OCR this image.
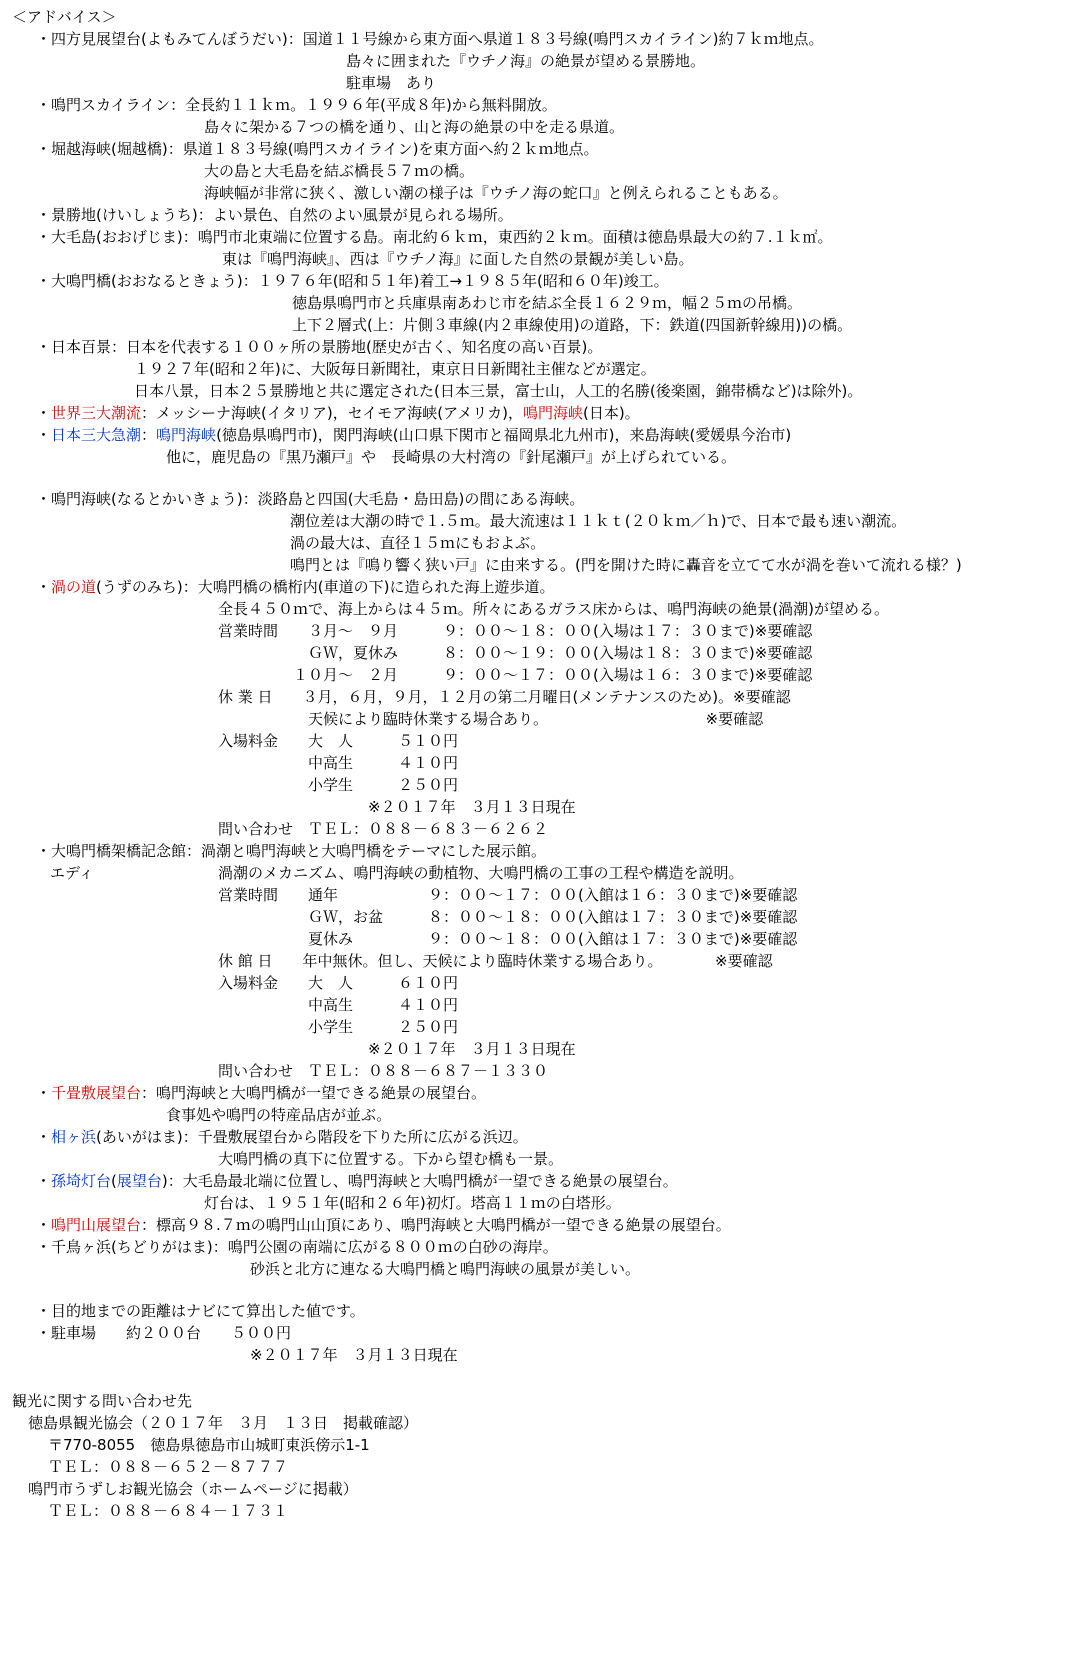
＜アドバイス＞
・四方見展望台(よもみてんぼうだい)：国道１１号線から東方面へ県道１８３号線(鳴門スカイライン)約７ｋｍ地点。
島々に囲まれた『ウチノ海』の絶景が望める景勝地。
駐車場　あり
・鳴門スカイライン：全長約１１ｋｍ。１９９６年(平成８年)から無料開放。
島々に架かる７つの橋を通り、山と海の絶景の中を走る県道。
・堀越海峡(堀越橋)：県道１８３号線(鳴門スカイライン)を東方面へ約２ｋｍ地点。
大の島と大毛島を結ぶ橋長５７ｍの橋。
海峡幅が非常に狭く、激しい潮の様子は『ウチノ海の蛇口』と例えられることもある。
・景勝地(けいしょうち)：よい景色、自然のよい風景が見られる場所。
・大毛島(おおげじま)：鳴門市北東端に位置する島。南北約６ｋｍ，東西約２ｋｍ。面積は徳島県最大の約７.１ｋ㎡。
東は『鳴門海峡』、西は『ウチノ海』に面した自然の景観が美しい島。
・大鳴門橋(おおなるときょう)：１９７６年(昭和５１年)着工→１９８５年(昭和６０年)竣工。
徳島県鳴門市と兵庫県南あわじ市を結ぶ全長１６２９ｍ，幅２５ｍの吊橋。
上下２層式(上：片側３車線(内２車線使用)の道路，下：鉄道(四国新幹線用))の橋。
・日本百景：日本を代表する１００ヶ所の景勝地(歴史が古く、知名度の高い百景)。
１９２７年(昭和２年)に、大阪毎日新聞社，東京日日新聞社主催などが選定。
日本八景，日本２５景勝地と共に選定された(日本三景，富士山，人工的名勝(後楽園，錦帯橋など)は除外)。
・世界三大潮流：メッシーナ海峡(イタリア)，セイモア海峡(アメリカ)，鳴門海峡(日本)。
・日本三大急潮：鳴門海峡(徳島県鳴門市)，関門海峡(山口県下関市と福岡県北九州市)，来島海峡(愛媛県今治市)
他に，鹿児島の『黒乃瀬戸』や　長崎県の大村湾の『針尾瀬戸』が上げられている。
・鳴門海峡(なるとかいきょう)：淡路島と四国(大毛島・島田島)の間にある海峡。
潮位差は大潮の時で１.５ｍ。最大流速は１１ｋｔ(２０ｋｍ／ｈ)で、日本で最も速い潮流。
渦の最大は、直径１５ｍにもおよぶ。
鳴門とは『鳴り響く狭い戸』に由来する。(門を開けた時に轟音を立てて水が渦を巻いて流れる様？)
・渦の道(うずのみち)：大鳴門橋の橋桁内(車道の下)に造られた海上遊歩道。
全長４５０ｍで、海上からは４５ｍ。所々にあるガラス床からは、鳴門海峡の絶景(渦潮)が望める。
営業時間　　３月～　９月　　　９：００～１８：００(入場は１７：３０まで)※要確認
　　　　　　ＧＷ，夏休み　　　８：００～１９：００(入場は１８：３０まで)※要確認
　　　　　１０月～　２月　　　９：００～１７：００(入場は１６：３０まで)※要確認
休 業 日　　３月，６月，９月，１２月の第二月曜日(メンテナンスのため)。※要確認
　　　　　　天候により臨時休業する場合あり。　　　　　　　　　　　※要確認
入場料金　　大　人　　　５１０円
　　　　　　中高生　　　４１０円
　　　　　　小学生　　　２５０円
　　　　　　　　　　※２０１７年　３月１３日現在
問い合わせ　ＴＥＬ：０８８－６８３－６２６２
・大鳴門橋架橋記念館：渦潮と鳴門海峡と大鳴門橋をテーマにした展示館。
エディ	渦潮のメカニズム、鳴門海峡の動植物、大鳴門橋の工事の工程や構造を説明。
営業時間　　通年　　　　　　９：００～１７：００(入館は１６：３０まで)※要確認
　　　　　　ＧＷ，お盆　　　８：００～１８：００(入館は１７：３０まで)※要確認
　　　　　　夏休み　　　　　９：００～１８：００(入館は１７：３０まで)※要確認
休 館 日　　年中無休。但し、天候により臨時休業する場合あり。　　　　※要確認
入場料金　　大　人　　　６１０円
　　　　　　中高生　　　４１０円
　　　　　　小学生　　　２５０円
　　　　　　　　　　※２０１７年　３月１３日現在
問い合わせ　ＴＥＬ：０８８－６８７－１３３０
・千畳敷展望台：鳴門海峡と大鳴門橋が一望できる絶景の展望台。
食事処や鳴門の特産品店が並ぶ。
・相ヶ浜(あいがはま)：千畳敷展望台から階段を下りた所に広がる浜辺。
大鳴門橋の真下に位置する。下から望む橋も一景。
・孫埼灯台(展望台)：大毛島最北端に位置し、鳴門海峡と大鳴門橋が一望できる絶景の展望台。
灯台は、１９５１年(昭和２６年)初灯。塔高１１ｍの白塔形。
・鳴門山展望台：標高９８.７ｍの鳴門山山頂にあり、鳴門海峡と大鳴門橋が一望できる絶景の展望台。
・千鳥ヶ浜(ちどりがはま)：鳴門公園の南端に広がる８００ｍの白砂の海岸。
砂浜と北方に連なる大鳴門橋と鳴門海峡の風景が美しい。
・目的地までの距離はナビにて算出した値です。
・駐車場　　約２００台　　５００円
※２０１７年　３月１３日現在
観光に関する問い合わせ先
徳島県観光協会（２０１７年　３月　１３日　掲載確認）
〒770-8055　徳島県徳島市山城町東浜傍示1-1
ＴＥＬ：０８８－６５２－８７７７
鳴門市うずしお観光協会（ホームページに掲載）
ＴＥＬ：０８８－６８４－１７３１
